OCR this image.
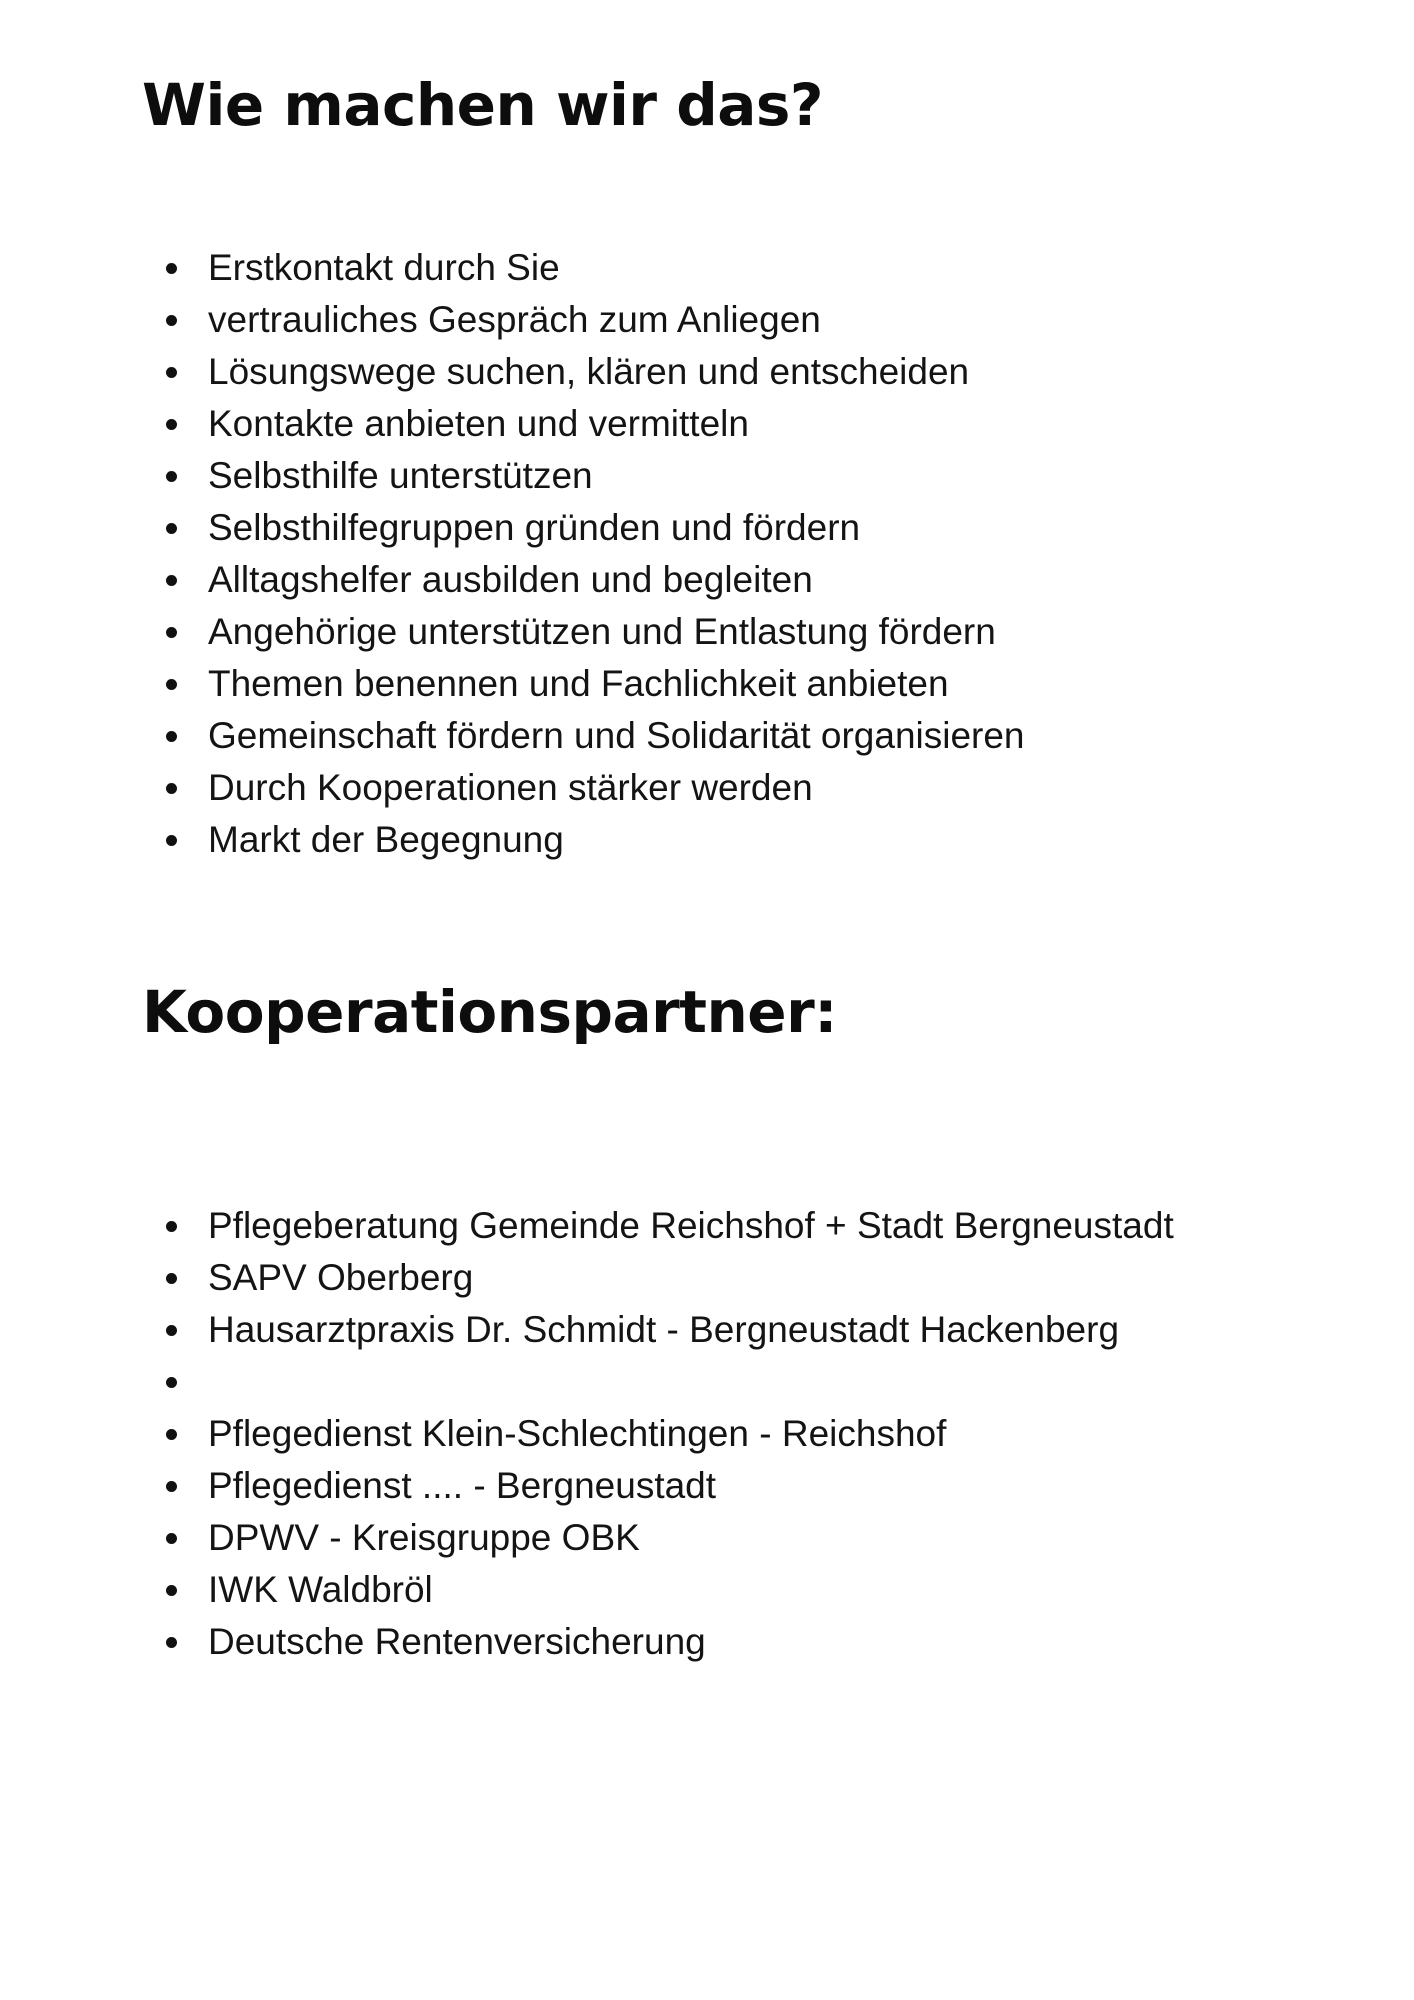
Wie machen wir das?
Erstkontakt durch Sie
vertrauliches Gespräch zum Anliegen
Lösungswege suchen, klären und entscheiden
Kontakte anbieten und vermitteln
Selbsthilfe unterstützen
Selbsthilfegruppen gründen und fördern
Alltagshelfer ausbilden und begleiten
Angehörige unterstützen und Entlastung fördern
Themen benennen und Fachlichkeit anbieten
Gemeinschaft fördern und Solidarität organisieren
Durch Kooperationen stärker werden
Markt der Begegnung
Kooperationspartner:
Pflegeberatung Gemeinde Reichshof + Stadt Bergneustadt
SAPV Oberberg
Hausarztpraxis Dr. Schmidt - Bergneustadt Hackenberg
Pflegedienst Klein-Schlechtingen - Reichshof
Pflegedienst .... - Bergneustadt
DPWV - Kreisgruppe OBK
IWK Waldbröl
Deutsche Rentenversicherung
